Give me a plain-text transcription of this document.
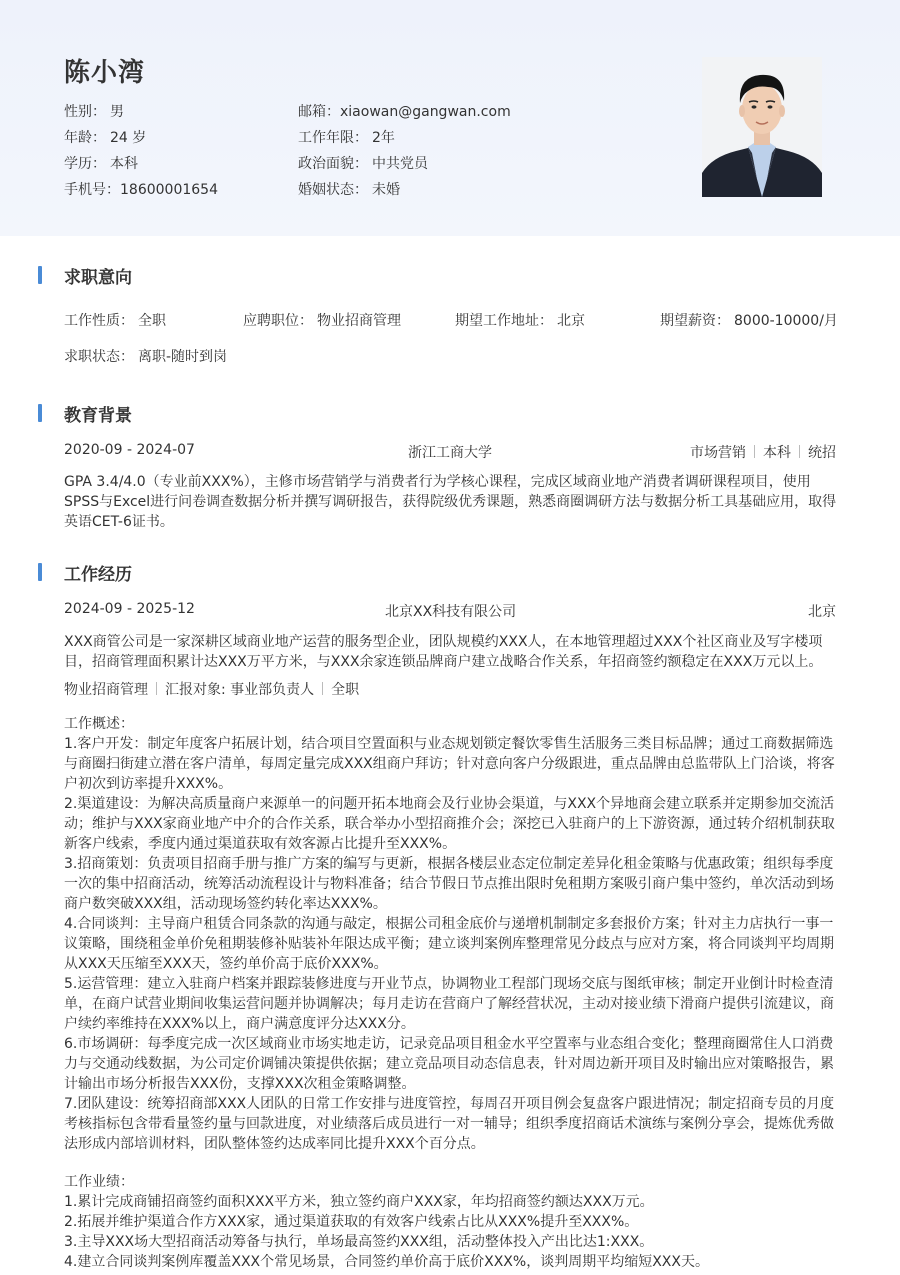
陈小湾
性别： 男
年龄： 24 岁
学历： 本科
手机号：18600001654
邮箱：xiaowan@gangwan.com
工作年限： 2年
政治面貌： 中共党员
婚姻状态： 未婚
求职意向
工作性质： 全职	应聘职位： 物业招商管理	期望工作地址： 北京	期望薪资： 8000-10000/月
求职状态： 离职-随时到岗
教育背景
2020-09 - 2024-07	浙江工商大学	市场营销 本科 统招
GPA 3.4/4.0（专业前XXX%），主修市场营销学与消费者行为学核心课程，完成区域商业地产消费者调研课程项目，使用SPSS与Excel进行问卷调查数据分析并撰写调研报告，获得院级优秀课题，熟悉商圈调研方法与数据分析工具基础应用，取得英语CET-6证书。
工作经历
2024-09 - 2025-12	北京XX科技有限公司	北京
XXX商管公司是一家深耕区域商业地产运营的服务型企业，团队规模约XXX人，在本地管理超过XXX个社区商业及写字楼项目，招商管理面积累计达XXX万平方米，与XXX余家连锁品牌商户建立战略合作关系，年招商签约额稳定在XXX万元以上。
物业招商管理 汇报对象: 事业部负责人 全职
工作概述：
1.客户开发：制定年度客户拓展计划，结合项目空置面积与业态规划锁定餐饮零售生活服务三类目标品牌；通过工商数据筛选与商圈扫街建立潜在客户清单，每周定量完成XXX组商户拜访；针对意向客户分级跟进，重点品牌由总监带队上门洽谈，将客户初次到访率提升XXX%。
2.渠道建设：为解决高质量商户来源单一的问题开拓本地商会及行业协会渠道，与XXX个异地商会建立联系并定期参加交流活动；维护与XXX家商业地产中介的合作关系，联合举办小型招商推介会；深挖已入驻商户的上下游资源，通过转介绍机制获取新客户线索，季度内通过渠道获取有效客源占比提升至XXX%。
3.招商策划：负责项目招商手册与推广方案的编写与更新，根据各楼层业态定位制定差异化租金策略与优惠政策；组织每季度一次的集中招商活动，统筹活动流程设计与物料准备；结合节假日节点推出限时免租期方案吸引商户集中签约，单次活动到场商户数突破XXX组，活动现场签约转化率达XXX%。
4.合同谈判：主导商户租赁合同条款的沟通与敲定，根据公司租金底价与递增机制制定多套报价方案；针对主力店执行一事一议策略，围绕租金单价免租期装修补贴装补年限达成平衡；建立谈判案例库整理常见分歧点与应对方案，将合同谈判平均周期从XXX天压缩至XXX天，签约单价高于底价XXX%。
5.运营管理：建立入驻商户档案并跟踪装修进度与开业节点，协调物业工程部门现场交底与图纸审核；制定开业倒计时检查清单，在商户试营业期间收集运营问题并协调解决；每月走访在营商户了解经营状况，主动对接业绩下滑商户提供引流建议，商户续约率维持在XXX%以上，商户满意度评分达XXX分。
6.市场调研：每季度完成一次区域商业市场实地走访，记录竞品项目租金水平空置率与业态组合变化；整理商圈常住人口消费力与交通动线数据，为公司定价调铺决策提供依据；建立竞品项目动态信息表，针对周边新开项目及时输出应对策略报告，累计输出市场分析报告XXX份，支撑XXX次租金策略调整。
7.团队建设：统筹招商部XXX人团队的日常工作安排与进度管控，每周召开项目例会复盘客户跟进情况；制定招商专员的月度考核指标包含带看量签约量与回款进度，对业绩落后成员进行一对一辅导；组织季度招商话术演练与案例分享会，提炼优秀做法形成内部培训材料，团队整体签约达成率同比提升XXX个百分点。
工作业绩：
1.累计完成商铺招商签约面积XXX平方米，独立签约商户XXX家，年均招商签约额达XXX万元。
2.拓展并维护渠道合作方XXX家，通过渠道获取的有效客户线索占比从XXX%提升至XXX%。
3.主导XXX场大型招商活动筹备与执行，单场最高签约XXX组，活动整体投入产出比达1:XXX。
4.建立合同谈判案例库覆盖XXX个常见场景，合同签约单价高于底价XXX%，谈判周期平均缩短XXX天。
